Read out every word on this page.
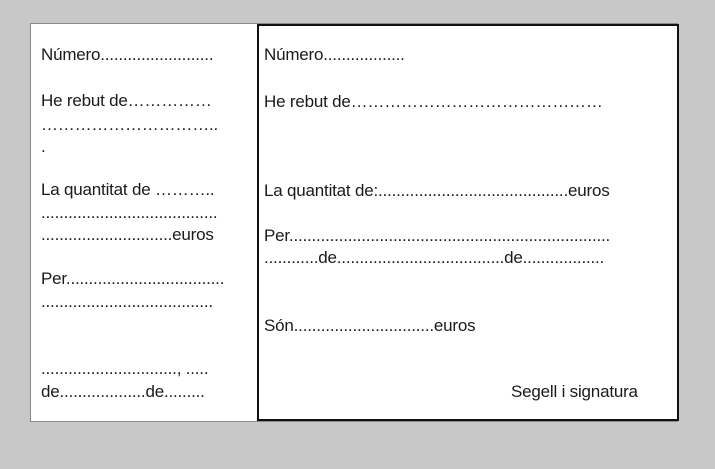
Número.........................

He rebut de……………

…………………………..

.

La quantitat de ………..

.......................................

.............................euros

Per...................................

......................................

.............................., .....

de...................de.........

Número..................

He rebut de………………………………………

La quantitat de:..........................................euros

Per.......................................................................

............de.....................................de..................

Són...............................euros

Segell i signatura
